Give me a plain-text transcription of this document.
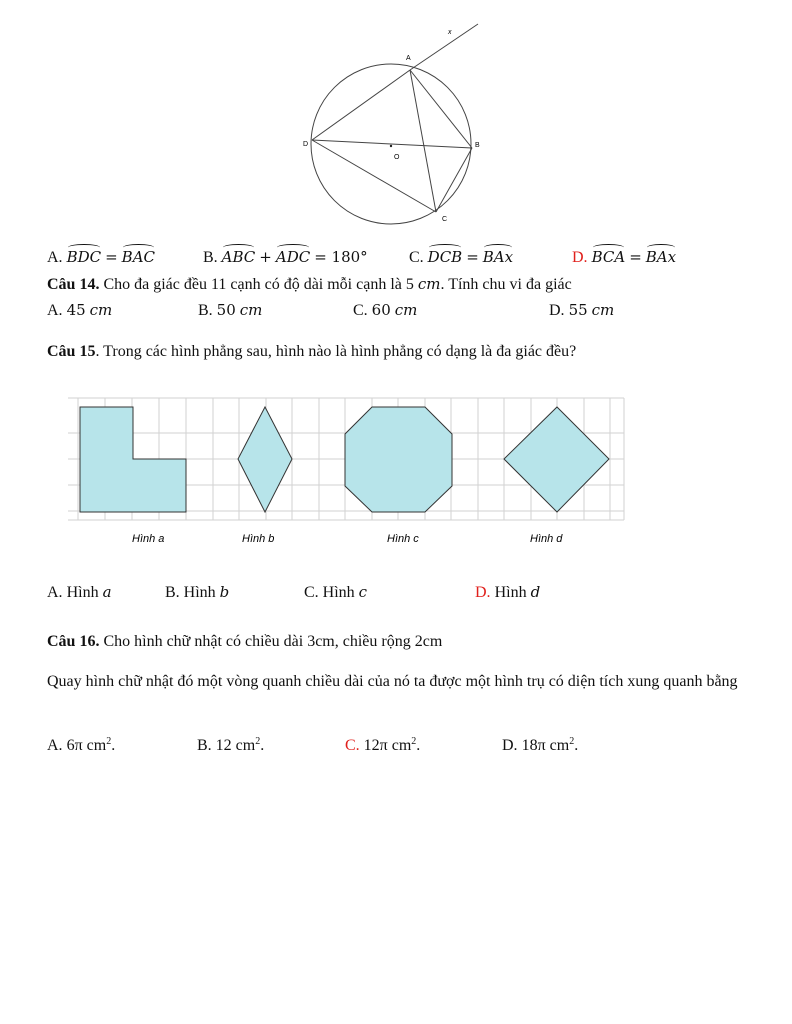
A
B
C
D
O
x
A. BDC = BAC	B. ABC + ADC = 180°	C. DCB = BAx	D. BCA = BAx
Câu 14. Cho đa giác đều 11 cạnh có độ dài mỗi cạnh là 5 cm. Tính chu vi đa giác
A. 45 cm	B. 50 cm	C. 60 cm	D. 55 cm
Câu 15. Trong các hình phẳng sau, hình nào là hình phẳng có dạng là đa giác đều?
Hình a	Hình b	Hình c	Hình d
A. Hình a	B. Hình b	C. Hình c	D. Hình d
Câu 16. Cho hình chữ nhật có chiều dài 3cm, chiều rộng 2cm
Quay hình chữ nhật đó một vòng quanh chiều dài của nó ta được một hình trụ có diện tích xung quanh bằng
A. 6π $cm^2$.	B. 12 $cm^2$.	C. 12π $cm^2$.	D. 18π $cm^2$.
